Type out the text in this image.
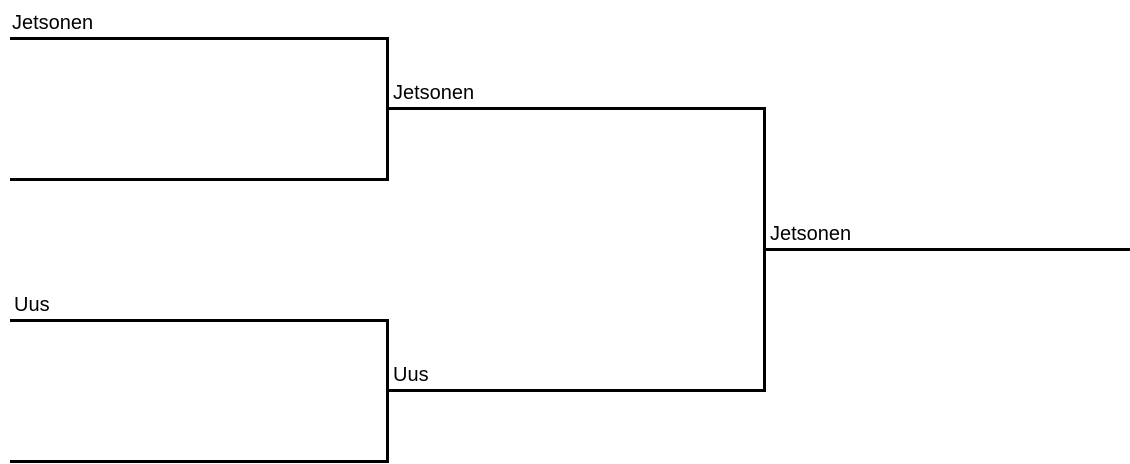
Jetsonen
Uus
Jetsonen
Uus
Jetsonen
